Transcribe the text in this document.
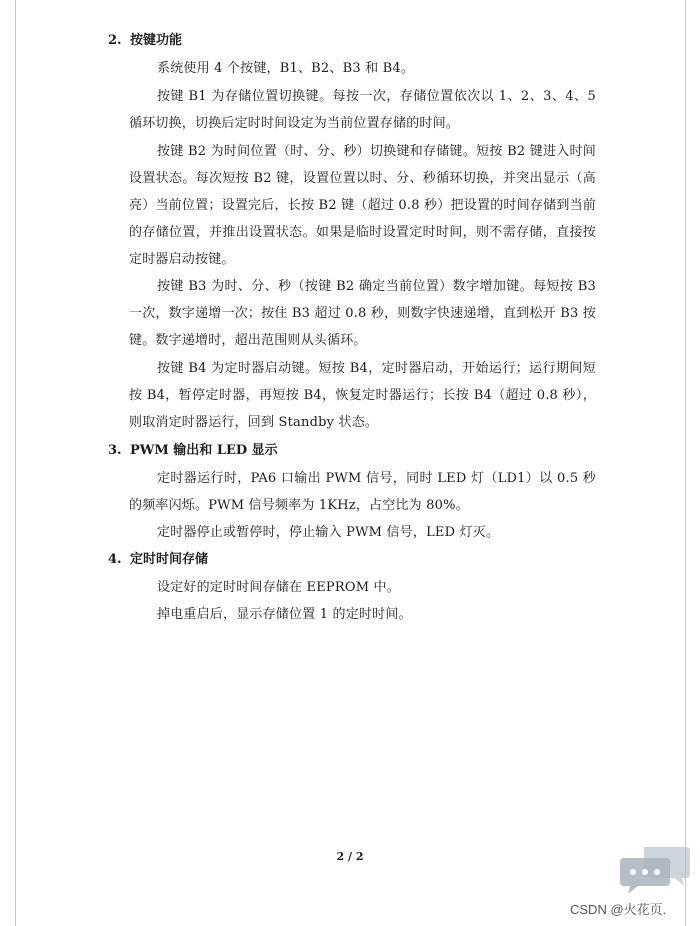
2. 按键功能

系统使用 4 个按键，B1、B2、B3 和 B4。

按键 B1 为存储位置切换键。每按一次，存储位置依次以 1、2、3、4、5 循环切换，切换后定时时间设定为当前位置存储的时间。

按键 B2 为时间位置（时、分、秒）切换键和存储键。短按 B2 键进入时间设置状态。每次短按 B2 键，设置位置以时、分、秒循环切换，并突出显示（高亮）当前位置；设置完后，长按 B2 键（超过 0.8 秒）把设置的时间存储到当前的存储位置，并推出设置状态。如果是临时设置定时时间，则不需存储，直接按定时器启动按键。

按键 B3 为时、分、秒（按键 B2 确定当前位置）数字增加键。每短按 B3 一次，数字递增一次；按住 B3 超过 0.8 秒，则数字快速递增，直到松开 B3 按键。数字递增时，超出范围则从头循环。

按键 B4 为定时器启动键。短按 B4，定时器启动，开始运行；运行期间短按 B4，暂停定时器，再短按 B4，恢复定时器运行；长按 B4（超过 0.8 秒），则取消定时器运行，回到 Standby 状态。

3. PWM 输出和 LED 显示

定时器运行时，PA6 口输出 PWM 信号，同时 LED 灯（LD1）以 0.5 秒的频率闪烁。PWM 信号频率为 1KHz，占空比为 80%。

定时器停止或暂停时，停止输入 PWM 信号，LED 灯灭。

4. 定时时间存储

设定好的定时时间存储在 EEPROM 中。

掉电重启后，显示存储位置 1 的定时时间。

2 / 2
CSDN @火花页.
